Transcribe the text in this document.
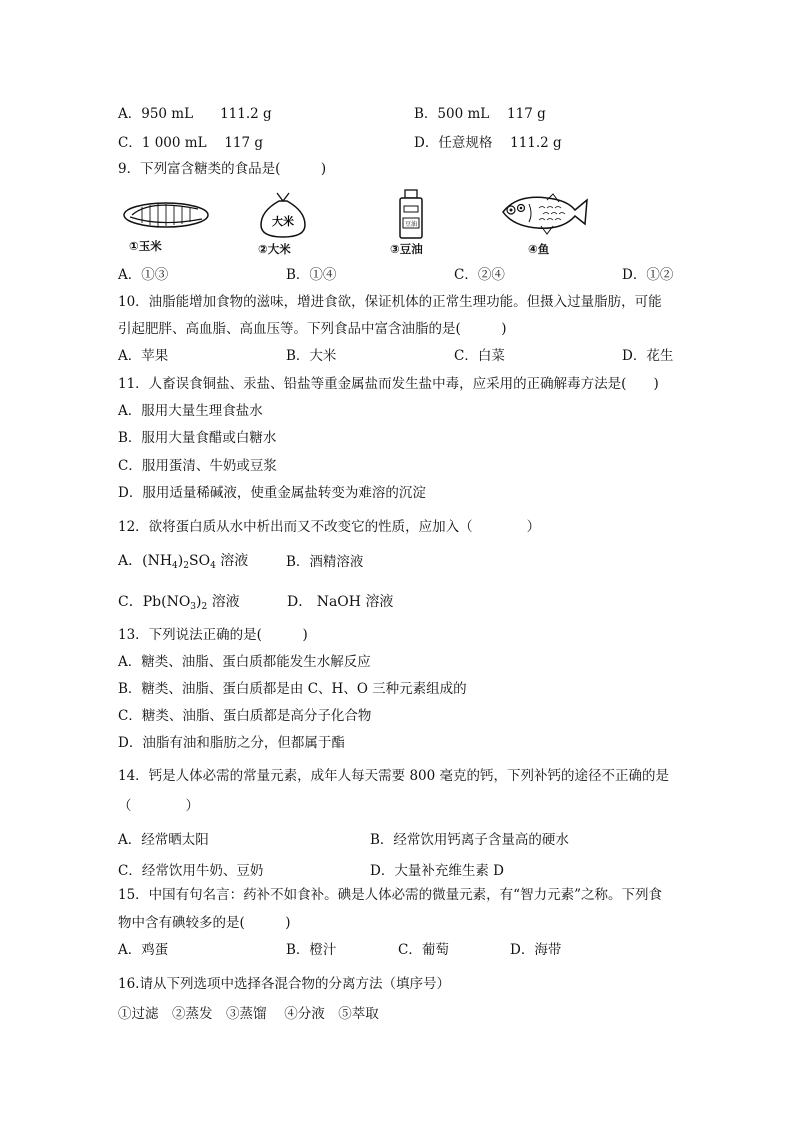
A．950 mL　　111.2 g	B．500 mL　 117 g
C．1 000 mL　 117 g	D．任意规格　 111.2 g
9．下列富含糖类的食品是(　　　)
①玉米
大米
②大米
豆油
③豆油	④鱼
A．①③	B．①④	C．②④	D．①②
10．油脂能增加食物的滋味，增进食欲，保证机体的正常生理功能。但摄入过量脂肪，可能
引起肥胖、高血脂、高血压等。下列食品中富含油脂的是(　　　)
A．苹果	B．大米	C．白菜	D．花生
11．人畜误食铜盐、汞盐、铅盐等重金属盐而发生盐中毒，应采用的正确解毒方法是(　　)
A．服用大量生理食盐水
B．服用大量食醋或白糖水
C．服用蛋清、牛奶或豆浆
D．服用适量稀碱液，使重金属盐转变为难溶的沉淀
12．欲将蛋白质从水中析出而又不改变它的性质，应加入（　　　　）
A．$(NH_4)_2SO_4$ 溶液	B．酒精溶液
C．$Pb(NO_3)_2$ 溶液	D． NaOH 溶液
13．下列说法正确的是(　　　)
A．糖类、油脂、蛋白质都能发生水解反应
B．糖类、油脂、蛋白质都是由 C、H、O 三种元素组成的
C．糖类、油脂、蛋白质都是高分子化合物
D．油脂有油和脂肪之分，但都属于酯
14．钙是人体必需的常量元素，成年人每天需要 800 毫克的钙，下列补钙的途径不正确的是
（　　　　）
A．经常晒太阳	B．经常饮用钙离子含量高的硬水
C．经常饮用牛奶、豆奶	D．大量补充维生素 D
15．中国有句名言：药补不如食补。碘是人体必需的微量元素，有“智力元素”之称。下列食
物中含有碘较多的是(　　　)
A．鸡蛋	B．橙汁	C．葡萄	D．海带
16.请从下列选项中选择各混合物的分离方法（填序号）
①过滤　②蒸发　③蒸馏　 ④分液　⑤萃取
